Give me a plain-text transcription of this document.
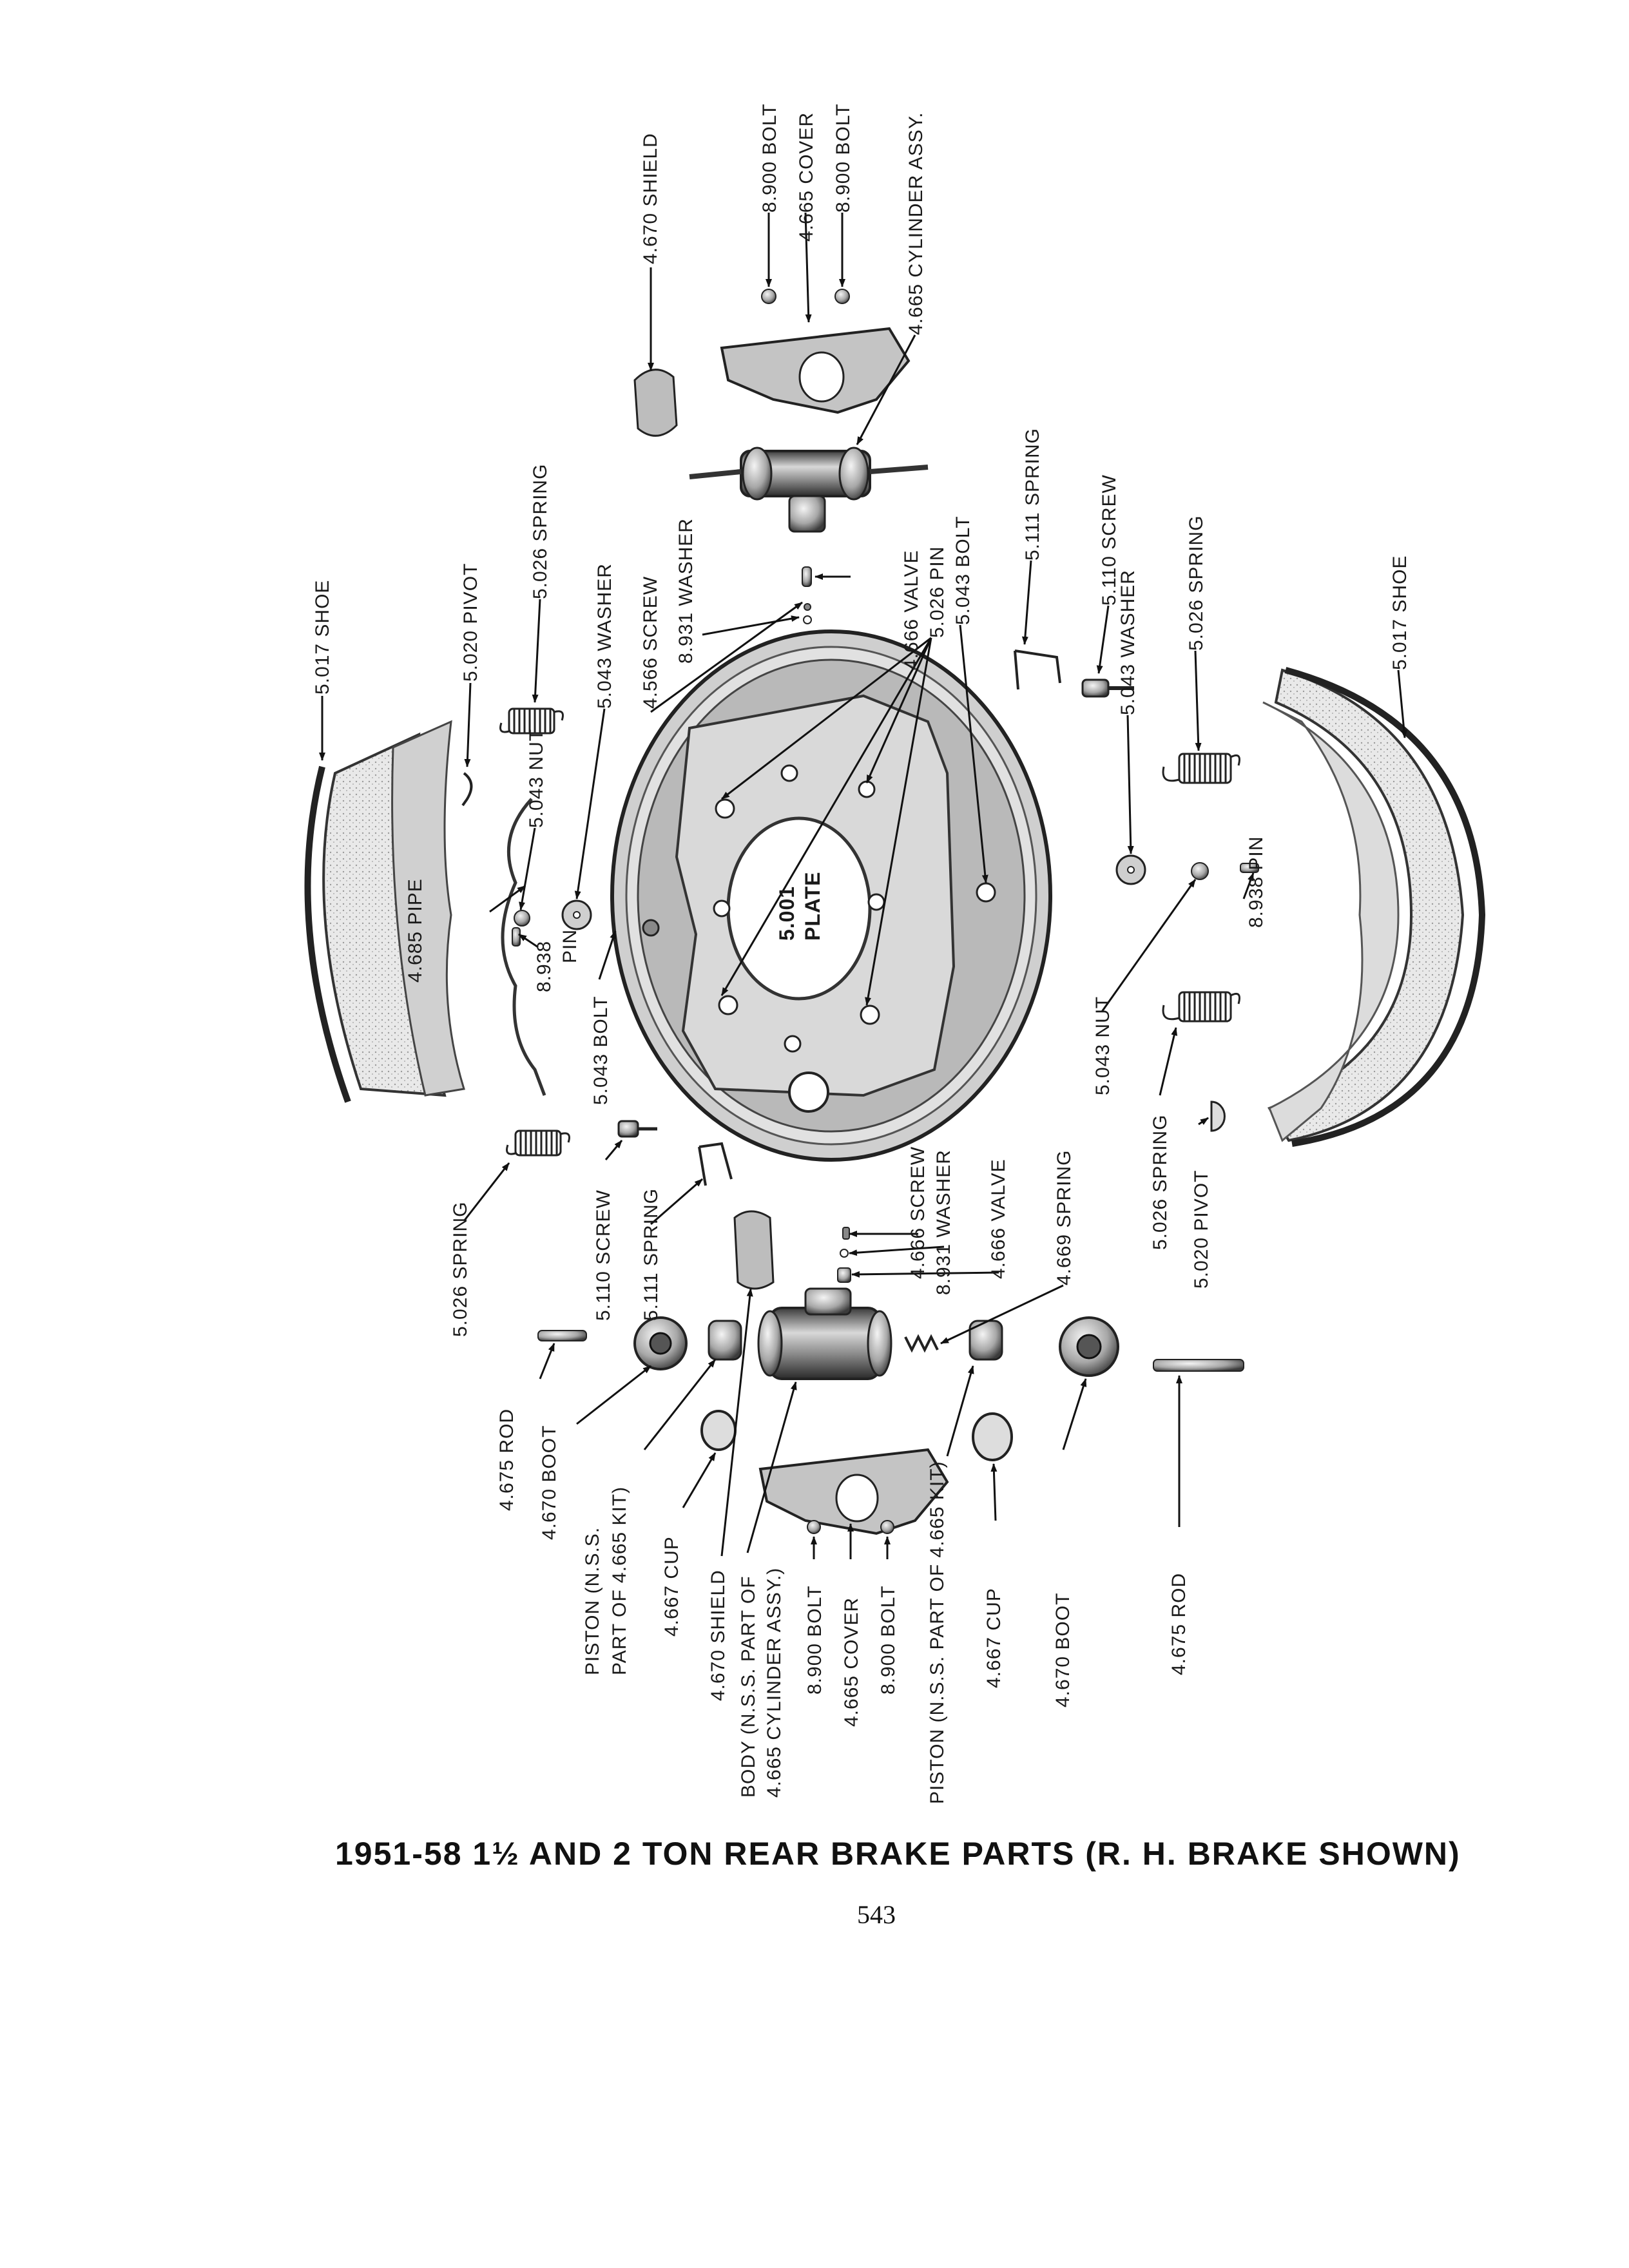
8.900 BOLT 4.665 COVER 8.900 BOLT
4.670 SHIELD	4.665 CYLINDER ASSY.
5.026 SPRING
5.020 PIVOT
5.017 SHOE	4.566 SCREW 8.931 WASHER	4.666 VALVE 5.026 PIN 5.043 BOLT
5.111 SPRING	5.110 SCREW
5.043 WASHER 5.026 SPRING	5.017 SHOE
5.043 WASHER
5.043 NUT
4.685 PIPE	8.938 PIN
5.043 BOLT
5.001 PLATE	8.938 PIN
5.043 NUT
5.026 SPRING 5.020 PIVOT
5.026 SPRING	5.110 SCREW 5.111 SPRING	4.666 SCREW 8.931 WASHER 4.666 VALVE 4.669 SPRING
4.675 ROD 4.670 BOOT
PISTON (N.S.S. PART OF 4.665 KIT) 4.667 CUP 4.670 SHIELD BODY (N.S.S. PART OF 4.665 CYLINDER ASSY.) 8.900 BOLT 4.665 COVER 8.900 BOLT PISTON (N.S.S. PART OF 4.665 KIT) 4.667 CUP 4.670 BOOT	4.675 ROD
1951-58 1½ AND 2 TON REAR BRAKE PARTS (R. H. BRAKE SHOWN)
543
